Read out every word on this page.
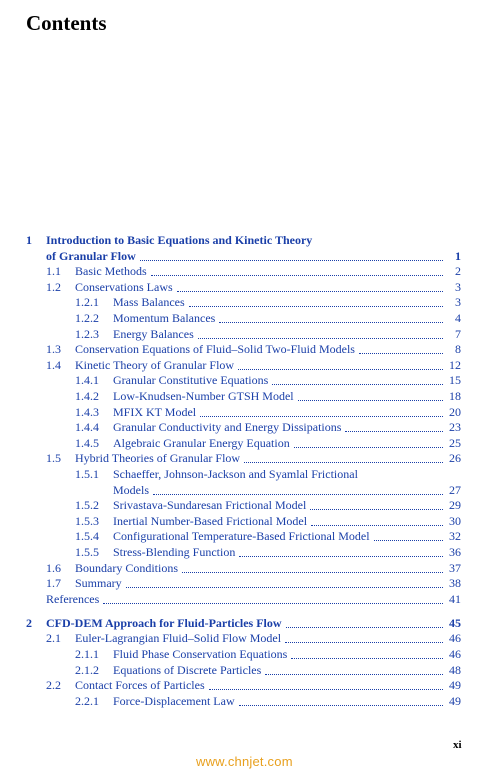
Contents
1	Introduction to Basic Equations and Kinetic Theory
of Granular Flow	1
1.1	Basic Methods	2
1.2	Conservations Laws	3
1.2.1	Mass Balances	3
1.2.2	Momentum Balances	4
1.2.3	Energy Balances	7
1.3	Conservation Equations of Fluid–Solid Two-Fluid Models	8
1.4	Kinetic Theory of Granular Flow	12
1.4.1	Granular Constitutive Equations	15
1.4.2	Low-Knudsen-Number GTSH Model	18
1.4.3	MFIX KT Model	20
1.4.4	Granular Conductivity and Energy Dissipations	23
1.4.5	Algebraic Granular Energy Equation	25
1.5	Hybrid Theories of Granular Flow	26
1.5.1	Schaeffer, Johnson-Jackson and Syamlal Frictional
Models	27
1.5.2	Srivastava-Sundaresan Frictional Model	29
1.5.3	Inertial Number-Based Frictional Model	30
1.5.4	Configurational Temperature-Based Frictional Model	32
1.5.5	Stress-Blending Function	36
1.6	Boundary Conditions	37
1.7	Summary	38
References	41
2	CFD-DEM Approach for Fluid-Particles Flow	45
2.1	Euler-Lagrangian Fluid–Solid Flow Model	46
2.1.1	Fluid Phase Conservation Equations	46
2.1.2	Equations of Discrete Particles	48
2.2	Contact Forces of Particles	49
2.2.1	Force-Displacement Law	49
xi
www.chnjet.com
